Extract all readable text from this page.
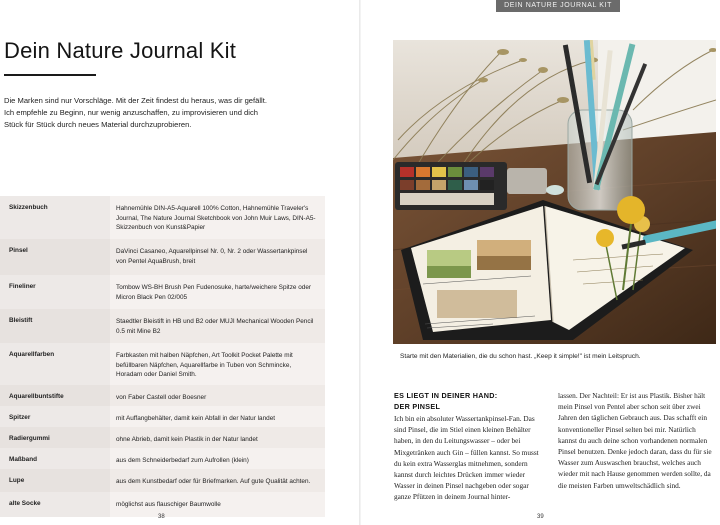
DEIN NATURE JOURNAL KIT
Dein Nature Journal Kit

Die Marken sind nur Vorschläge. Mit der Zeit findest du heraus, was dir gefällt. Ich empfehle zu Beginn, nur wenig anzuschaffen, zu improvisieren und dich Stück für Stück durch neues Material durchzuprobieren.

Skizzenbuch	Hahnemühle DIN-A5-Aquarell 100% Cotton, Hahnemühle Traveler's Journal, The Nature Journal Sketchbook von John Muir Laws, DIN-A5-Skizzenbuch von Kunst&Papier
Pinsel	DaVinci Casaneo, Aquarellpinsel Nr. 0, Nr. 2 oder Wassertankpinsel von Pentel AquaBrush, breit
Fineliner	Tombow WS-BH Brush Pen Fudenosuke, harte/weichere Spitze oder Micron Black Pen 02/005
Bleistift	Staedtler Bleistift in HB und B2 oder MUJI Mechanical Wooden Pencil 0.5 mit Mine B2
Aquarellfarben	Farbkasten mit halben Näpfchen, Art Toolkit Pocket Palette mit befüllbaren Näpfchen, Aquarellfarbe in Tuben von Schmincke, Horadam oder Daniel Smith.
Aquarellbuntstifte	von Faber Castell oder Boesner
Spitzer	mit Auffangbehälter, damit kein Abfall in der Natur landet
Radiergummi	ohne Abrieb, damit kein Plastik in der Natur landet
Maßband	aus dem Schneiderbedarf zum Aufrollen (klein)
Lupe	aus dem Kunstbedarf oder für Briefmarken. Auf gute Qualität achten.
alte Socke	möglichst aus flauschiger Baumwolle
38

Starte mit den Materialien, die du schon hast. „Keep it simple!" ist mein Leitspruch.

ES LIEGT IN DEINER HAND:
DER PINSEL

Ich bin ein absoluter Wassertankpinsel-Fan. Das sind Pinsel, die im Stiel einen kleinen Behälter haben, in den du Leitungswasser – oder bei Mixgetränken auch Gin – füllen kannst. So musst du kein extra Wasserglas mitnehmen, sondern kannst durch leichtes Drücken immer wieder Wasser in deinen Pinsel nachgeben oder sogar ganze Pfützen in deinem Journal hinter-

lassen. Der Nachteil: Er ist aus Plastik. Bisher hält mein Pinsel von Pentel aber schon seit über zwei Jahren den täglichen Gebrauch aus. Das schafft ein konventioneller Pinsel selten bei mir. Natürlich kannst du auch deine schon vorhandenen normalen Pinsel benutzen. Denke jedoch daran, dass du für sie Wasser zum Auswaschen brauchst, welches auch wieder mit nach Hause genommen werden sollte, da die meisten Farben umweltschädlich sind.

39
